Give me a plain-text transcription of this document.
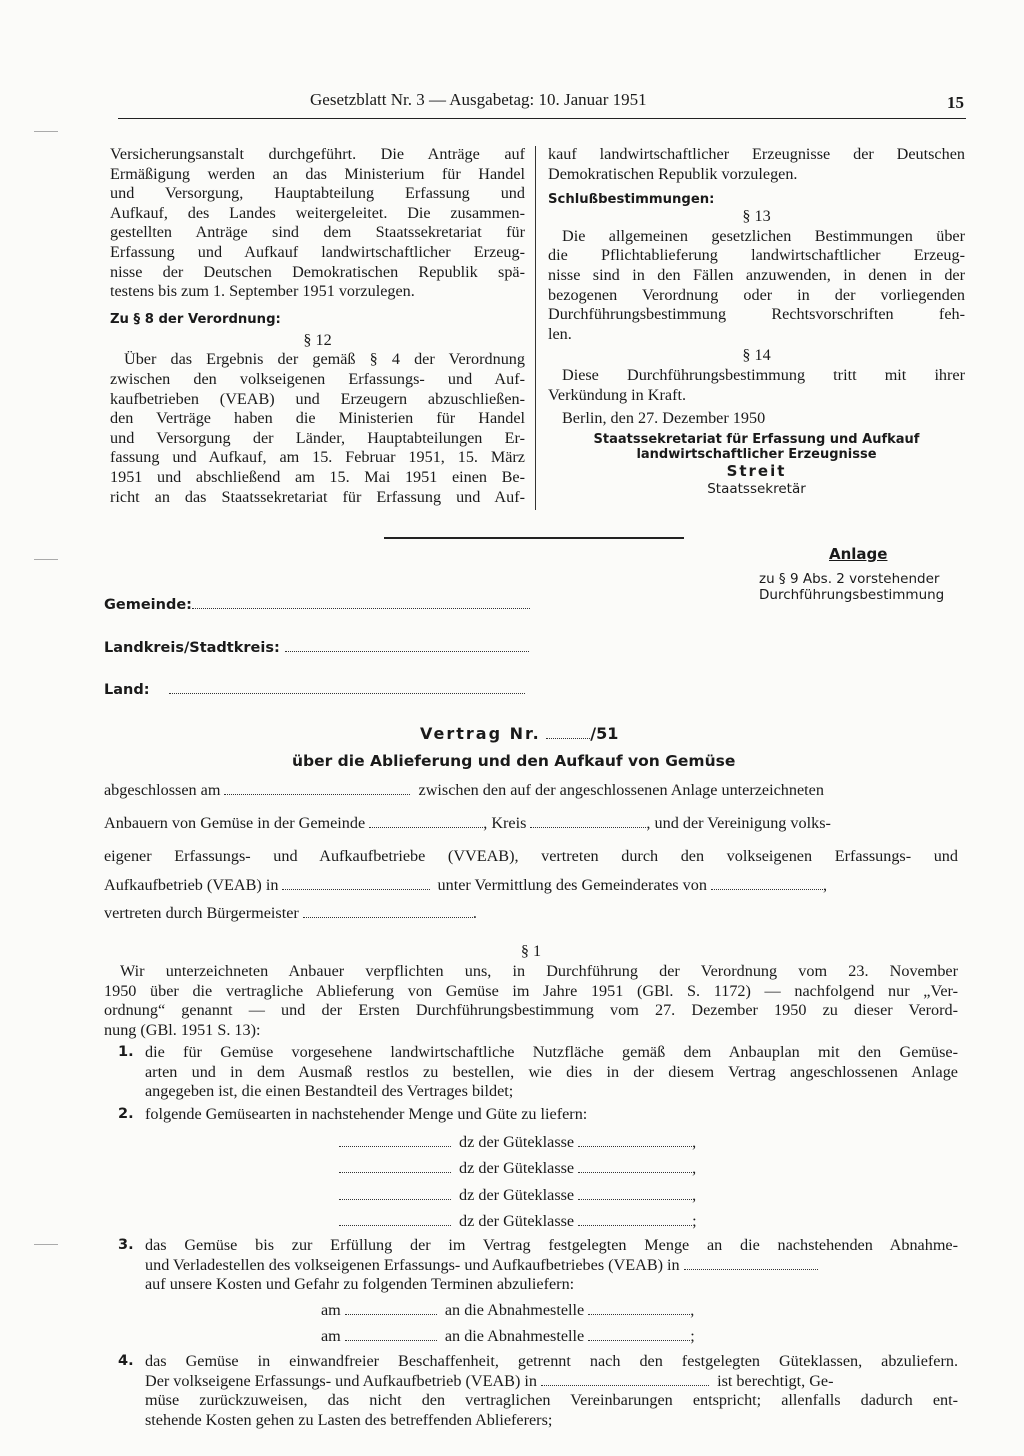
Gesetzblatt Nr. 3 — Ausgabetag: 10. Januar 1951	15
Versicherungsanstalt durchgeführt. Die Anträge auf
Ermäßigung werden an das Ministerium für Handel
und Versorgung, Hauptabteilung Erfassung und
Aufkauf, des Landes weitergeleitet. Die zusammen-
gestellten Anträge sind dem Staatssekretariat für
Erfassung und Aufkauf landwirtschaftlicher Erzeug-
nisse der Deutschen Demokratischen Republik spä-
testens bis zum 1. September 1951 vorzulegen.
Zu § 8 der Verordnung:
§ 12
Über das Ergebnis der gemäß § 4 der Verordnung
zwischen den volkseigenen Erfassungs- und Auf-
kaufbetrieben (VEAB) und Erzeugern abzuschließen-
den Verträge haben die Ministerien für Handel
und Versorgung der Länder, Hauptabteilungen Er-
fassung und Aufkauf, am 15. Februar 1951, 15. März
1951 und abschließend am 15. Mai 1951 einen Be-
richt an das Staatssekretariat für Erfassung und Auf-
kauf landwirtschaftlicher Erzeugnisse der Deutschen
Demokratischen Republik vorzulegen.
Schlußbestimmungen:
§ 13
Die allgemeinen gesetzlichen Bestimmungen über
die Pflichtablieferung landwirtschaftlicher Erzeug-
nisse sind in den Fällen anzuwenden, in denen in der
bezogenen Verordnung oder in der vorliegenden
Durchführungsbestimmung Rechtsvorschriften feh-
len.
§ 14
Diese Durchführungsbestimmung tritt mit ihrer
Verkündung in Kraft.
Berlin, den 27. Dezember 1950
Staatssekretariat für Erfassung und Aufkauf
landwirtschaftlicher Erzeugnisse
Streit
Staatssekretär
Anlage
zu § 9 Abs. 2 vorstehender
Durchführungsbestimmung
Gemeinde:
Landkreis/Stadtkreis:
Land:
Vertrag Nr.	/51
über die Ablieferung und den Aufkauf von Gemüse
abgeschlossen am	zwischen den auf der angeschlossenen Anlage unterzeichneten
Anbauern von Gemüse in der Gemeinde	, Kreis	, und der Vereinigung volks-
eigener Erfassungs- und Aufkaufbetriebe (VVEAB), vertreten durch den volkseigenen Erfassungs- und
Aufkaufbetrieb (VEAB) in	unter Vermittlung des Gemeinderates von	,
vertreten durch Bürgermeister	.
§ 1
Wir unterzeichneten Anbauer verpflichten uns, in Durchführung der Verordnung vom 23. November
1950 über die vertragliche Ablieferung von Gemüse im Jahre 1951 (GBl. S. 1172) — nachfolgend nur „Ver-
ordnung“ genannt — und der Ersten Durchführungsbestimmung vom 27. Dezember 1950 zu dieser Verord-
nung (GBl. 1951 S. 13):
1. die für Gemüse vorgesehene landwirtschaftliche Nutzfläche gemäß dem Anbauplan mit den Gemüse-
arten und in dem Ausmaß restlos zu bestellen, wie dies in der diesem Vertrag angeschlossenen Anlage
angegeben ist, die einen Bestandteil des Vertrages bildet;
2. folgende Gemüsearten in nachstehender Menge und Güte zu liefern:
dz der Güteklasse	,
dz der Güteklasse	,
dz der Güteklasse	,
dz der Güteklasse	;
3. das Gemüse bis zur Erfüllung der im Vertrag festgelegten Menge an die nachstehenden Abnahme-
und Verladestellen des volkseigenen Erfassungs- und Aufkaufbetriebes (VEAB) in
auf unsere Kosten und Gefahr zu folgenden Terminen abzuliefern:
am	an die Abnahmestelle	,
am	an die Abnahmestelle	;
4. das Gemüse in einwandfreier Beschaffenheit, getrennt nach den festgelegten Güteklassen, abzuliefern.
Der volkseigene Erfassungs- und Aufkaufbetrieb (VEAB) in	ist berechtigt, Ge-
müse zurückzuweisen, das nicht den vertraglichen Vereinbarungen entspricht; allenfalls dadurch ent-
stehende Kosten gehen zu Lasten des betreffenden Ablieferers;
